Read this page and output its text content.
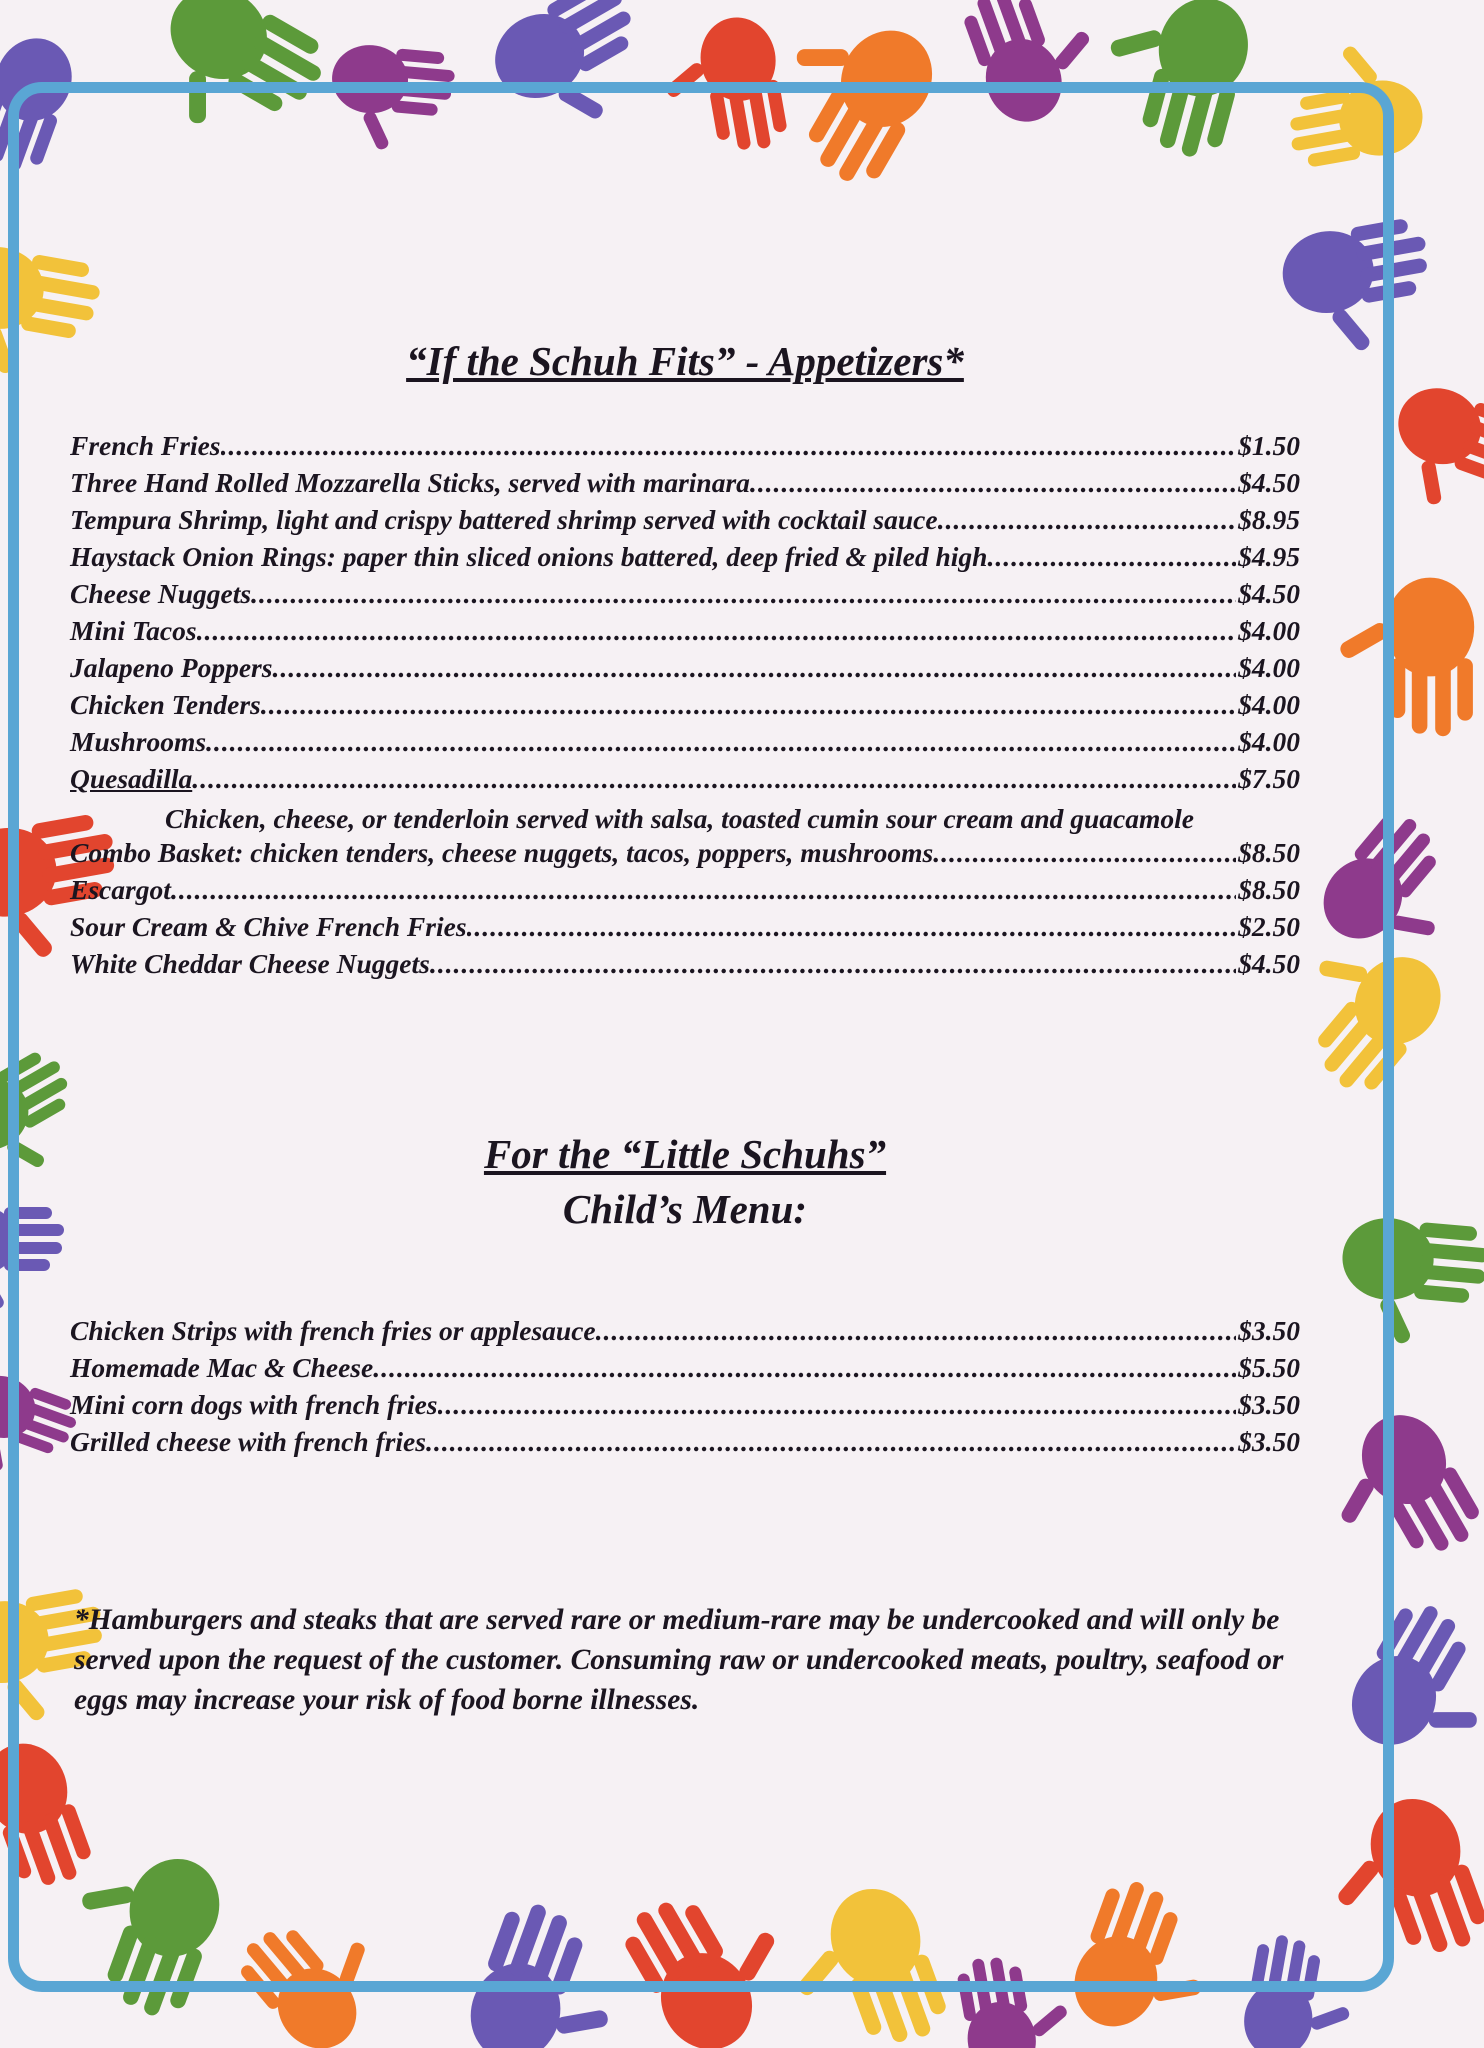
“If the Schuh Fits” - Appetizers*
French Fries .....	$1.50
Three Hand Rolled Mozzarella Sticks, served with marinara .....	$4.50
Tempura Shrimp, light and crispy battered shrimp served with cocktail sauce .....	$8.95
Haystack Onion Rings: paper thin sliced onions battered, deep fried & piled high .....	$4.95
Cheese Nuggets .....	$4.50
Mini Tacos .....	$4.00
Jalapeno Poppers .....	$4.00
Chicken Tenders .....	$4.00
Mushrooms .....	$4.00
Quesadilla .....	$7.50
Chicken, cheese, or tenderloin served with salsa, toasted cumin sour cream and guacamole
Combo Basket: chicken tenders, cheese nuggets, tacos, poppers, mushrooms .....	$8.50
Escargot .....	$8.50
Sour Cream & Chive French Fries .....	$2.50
White Cheddar Cheese Nuggets .....	$4.50
For the “Little Schuhs”
Child’s Menu:
Chicken Strips with french fries or applesauce .....	$3.50
Homemade Mac & Cheese .....	$5.50
Mini corn dogs with french fries .....	$3.50
Grilled cheese with french fries .....	$3.50
*Hamburgers and steaks that are served rare or medium-rare may be undercooked and will only be served upon the request of the customer. Consuming raw or undercooked meats, poultry, seafood or eggs may increase your risk of food borne illnesses.
